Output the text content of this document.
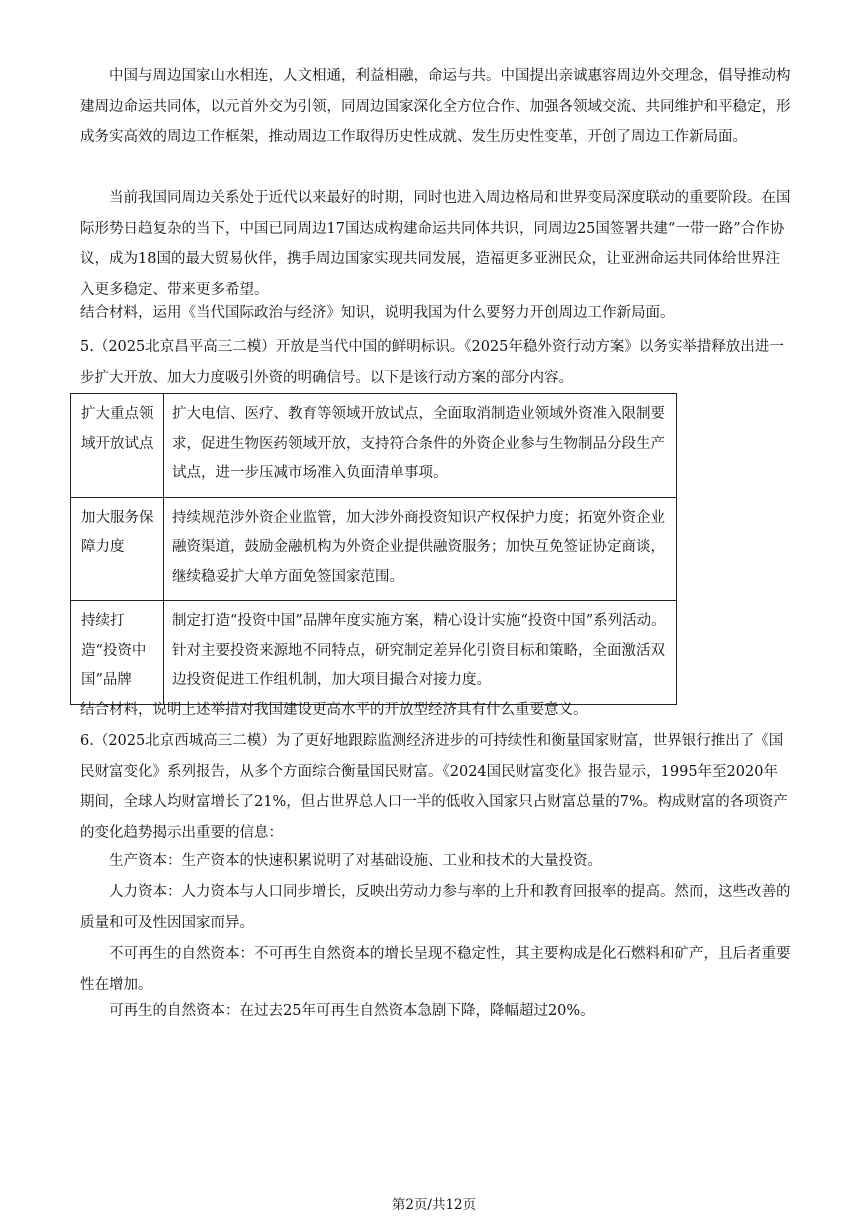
中国与周边国家山水相连，人文相通，利益相融，命运与共。中国提出亲诚惠容周边外交理念，倡导推动构建周边命运共同体，以元首外交为引领，同周边国家深化全方位合作、加强各领域交流、共同维护和平稳定，形成务实高效的周边工作框架，推动周边工作取得历史性成就、发生历史性变革，开创了周边工作新局面。

当前我国同周边关系处于近代以来最好的时期，同时也进入周边格局和世界变局深度联动的重要阶段。在国际形势日趋复杂的当下，中国已同周边17国达成构建命运共同体共识，同周边25国签署共建“一带一路”合作协议，成为18国的最大贸易伙伴，携手周边国家实现共同发展，造福更多亚洲民众，让亚洲命运共同体给世界注入更多稳定、带来更多希望。

结合材料，运用《当代国际政治与经济》知识，说明我国为什么要努力开创周边工作新局面。

5.（2025北京昌平高三二模）开放是当代中国的鲜明标识。《2025年稳外资行动方案》以务实举措释放出进一步扩大开放、加大力度吸引外资的明确信号。以下是该行动方案的部分内容。

扩大重点领域开放试点	扩大电信、医疗、教育等领域开放试点，全面取消制造业领域外资准入限制要求，促进生物医药领域开放，支持符合条件的外资企业参与生物制品分段生产试点，进一步压减市场准入负面清单事项。
加大服务保障力度	持续规范涉外资企业监管，加大涉外商投资知识产权保护力度；拓宽外资企业融资渠道，鼓励金融机构为外资企业提供融资服务；加快互免签证协定商谈，继续稳妥扩大单方面免签国家范围。
持续打造“投资中国”品牌	制定打造“投资中国”品牌年度实施方案，精心设计实施“投资中国”系列活动。针对主要投资来源地不同特点，研究制定差异化引资目标和策略，全面激活双边投资促进工作组机制，加大项目撮合对接力度。

结合材料，说明上述举措对我国建设更高水平的开放型经济具有什么重要意义。

6.（2025北京西城高三二模）为了更好地跟踪监测经济进步的可持续性和衡量国家财富，世界银行推出了《国民财富变化》系列报告，从多个方面综合衡量国民财富。《2024国民财富变化》报告显示，1995年至2020年期间，全球人均财富增长了21%，但占世界总人口一半的低收入国家只占财富总量的7%。构成财富的各项资产的变化趋势揭示出重要的信息：

生产资本：生产资本的快速积累说明了对基础设施、工业和技术的大量投资。

人力资本：人力资本与人口同步增长，反映出劳动力参与率的上升和教育回报率的提高。然而，这些改善的质量和可及性因国家而异。

不可再生的自然资本：不可再生自然资本的增长呈现不稳定性，其主要构成是化石燃料和矿产，且后者重要性在增加。

可再生的自然资本：在过去25年可再生自然资本急剧下降，降幅超过20%。

第2页/共12页
